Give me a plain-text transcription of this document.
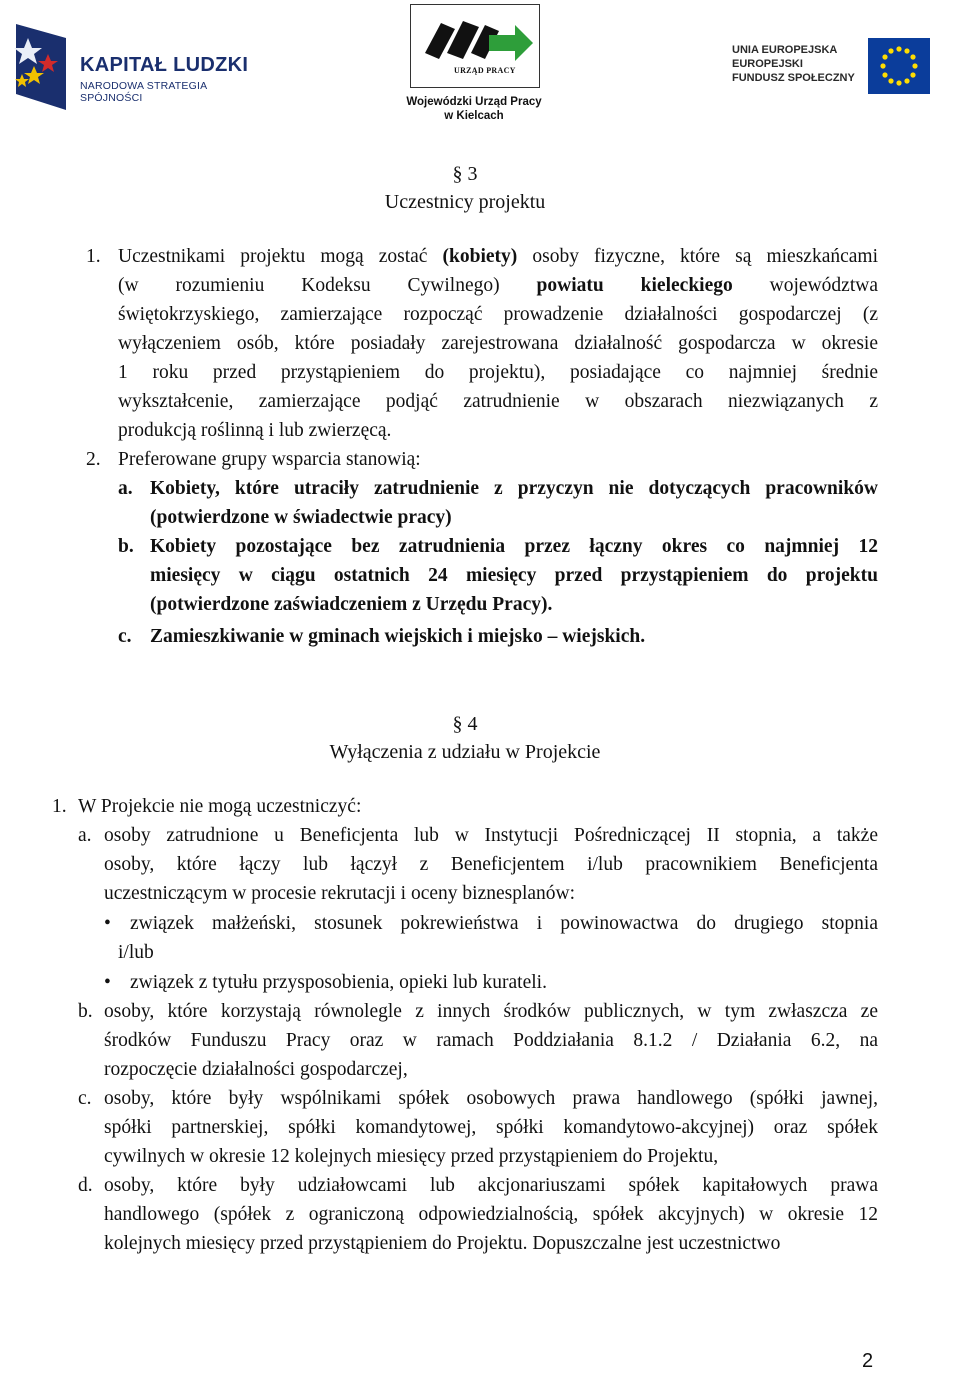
KAPITAŁ LUDZKI
NARODOWA STRATEGIA SPÓJNOŚCI
URZĄD PRACY
Wojewódzki Urząd Pracy
w Kielcach
UNIA EUROPEJSKA
EUROPEJSKI
FUNDUSZ SPOŁECZNY
§ 3
Uczestnicy projektu
1. Uczestnikami projektu mogą zostać (kobiety) osoby fizyczne, które są mieszkańcami
(w rozumieniu Kodeksu Cywilnego) powiatu kieleckiego województwa
świętokrzyskiego, zamierzające rozpocząć prowadzenie działalności gospodarczej (z
wyłączeniem osób, które posiadały zarejestrowana działalność gospodarcza w okresie
1 roku przed przystąpieniem do projektu), posiadające co najmniej średnie
wykształcenie, zamierzające podjąć zatrudnienie w obszarach niezwiązanych z
produkcją roślinną i lub zwierzęcą.
2. Preferowane grupy wsparcia stanowią:
a. Kobiety, które utraciły zatrudnienie z przyczyn nie dotyczących pracowników
(potwierdzone w świadectwie pracy)
b. Kobiety pozostające bez zatrudnienia przez łączny okres co najmniej 12
miesięcy w ciągu ostatnich 24 miesięcy przed przystąpieniem do projektu
(potwierdzone zaświadczeniem z Urzędu Pracy).
c. Zamieszkiwanie w gminach wiejskich i miejsko – wiejskich.
§ 4
Wyłączenia z udziału w Projekcie
1. W Projekcie nie mogą uczestniczyć:
a. osoby zatrudnione u Beneficjenta lub w Instytucji Pośredniczącej II stopnia, a także
osoby, które łączy lub łączył z Beneficjentem i/lub pracownikiem Beneficjenta
uczestniczącym w procesie rekrutacji i oceny biznesplanów:
• związek małżeński, stosunek pokrewieństwa i powinowactwa do drugiego stopnia
i/lub
• związek z tytułu przysposobienia, opieki lub kurateli.
b. osoby, które korzystają równolegle z innych środków publicznych, w tym zwłaszcza ze
środków Funduszu Pracy oraz w ramach Poddziałania 8.1.2 / Działania 6.2, na
rozpoczęcie działalności gospodarczej,
c. osoby, które były wspólnikami spółek osobowych prawa handlowego (spółki jawnej,
spółki partnerskiej, spółki komandytowej, spółki komandytowo-akcyjnej) oraz spółek
cywilnych w okresie 12 kolejnych miesięcy przed przystąpieniem do Projektu,
d. osoby, które były udziałowcami lub akcjonariuszami spółek kapitałowych prawa
handlowego (spółek z ograniczoną odpowiedzialnością, spółek akcyjnych) w okresie 12
kolejnych miesięcy przed przystąpieniem do Projektu. Dopuszczalne jest uczestnictwo
2
